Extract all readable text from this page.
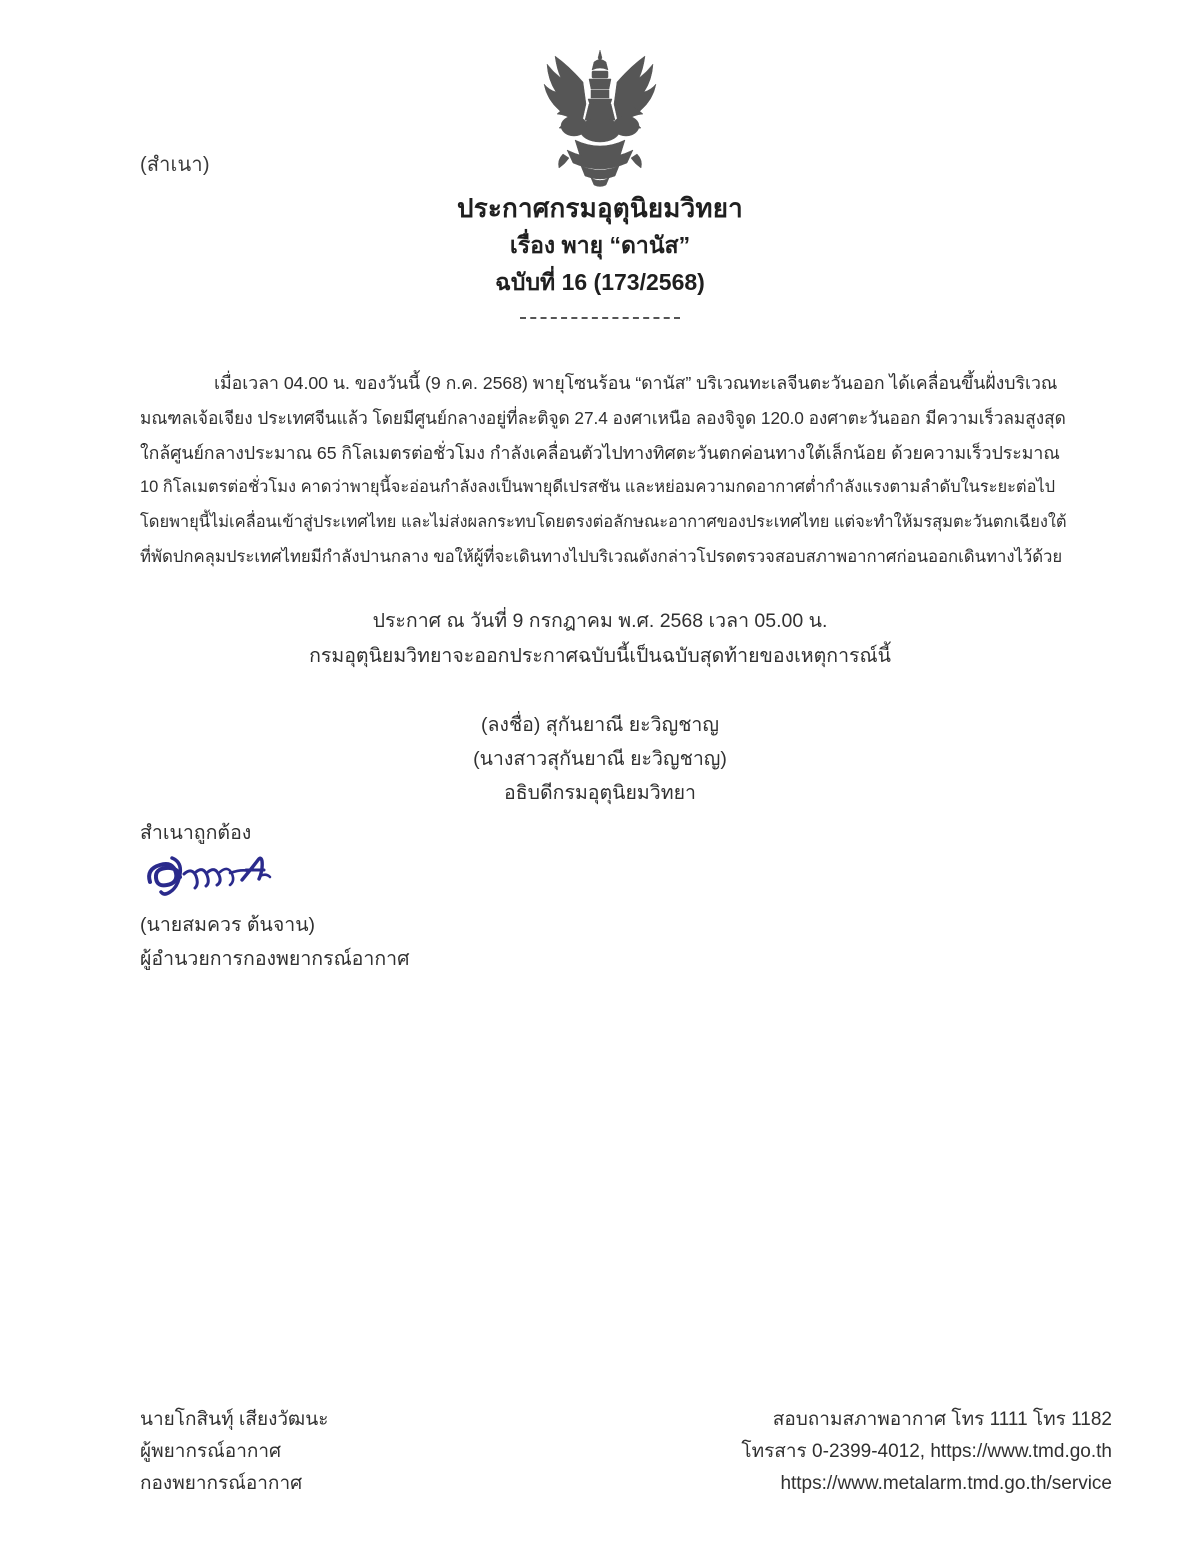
(สำเนา)
ประกาศกรมอุตุนิยมวิทยา
เรื่อง พายุ “ดานัส”
ฉบับที่ 16 (173/2568)
เมื่อเวลา 04.00 น. ของวันนี้ (9 ก.ค. 2568) พายุโซนร้อน “ดานัส” บริเวณทะเลจีนตะวันออก ได้เคลื่อนขึ้นฝั่งบริเวณ
มณฑลเจ้อเจียง ประเทศจีนแล้ว โดยมีศูนย์กลางอยู่ที่ละติจูด 27.4 องศาเหนือ ลองจิจูด 120.0 องศาตะวันออก มีความเร็วลมสูงสุด
ใกล้ศูนย์กลางประมาณ 65 กิโลเมตรต่อชั่วโมง กำลังเคลื่อนตัวไปทางทิศตะวันตกค่อนทางใต้เล็กน้อย ด้วยความเร็วประมาณ
10 กิโลเมตรต่อชั่วโมง คาดว่าพายุนี้จะอ่อนกำลังลงเป็นพายุดีเปรสชัน และหย่อมความกดอากาศต่ำกำลังแรงตามลำดับในระยะต่อไป
โดยพายุนี้ไม่เคลื่อนเข้าสู่ประเทศไทย และไม่ส่งผลกระทบโดยตรงต่อลักษณะอากาศของประเทศไทย แต่จะทำให้มรสุมตะวันตกเฉียงใต้
ที่พัดปกคลุมประเทศไทยมีกำลังปานกลาง ขอให้ผู้ที่จะเดินทางไปบริเวณดังกล่าวโปรดตรวจสอบสภาพอากาศก่อนออกเดินทางไว้ด้วย
ประกาศ ณ วันที่ 9 กรกฎาคม พ.ศ. 2568 เวลา 05.00 น.
กรมอุตุนิยมวิทยาจะออกประกาศฉบับนี้เป็นฉบับสุดท้ายของเหตุการณ์นี้
(ลงชื่อ) สุกันยาณี ยะวิญชาญ
(นางสาวสุกันยาณี ยะวิญชาญ)
อธิบดีกรมอุตุนิยมวิทยา
สำเนาถูกต้อง
(นายสมควร ต้นจาน)
ผู้อำนวยการกองพยากรณ์อากาศ
นายโกสินทุ์ เสียงวัฒนะ
ผู้พยากรณ์อากาศ
กองพยากรณ์อากาศ
สอบถามสภาพอากาศ โทร 1111 โทร 1182
โทรสาร 0-2399-4012, https://www.tmd.go.th
https://www.metalarm.tmd.go.th/service
